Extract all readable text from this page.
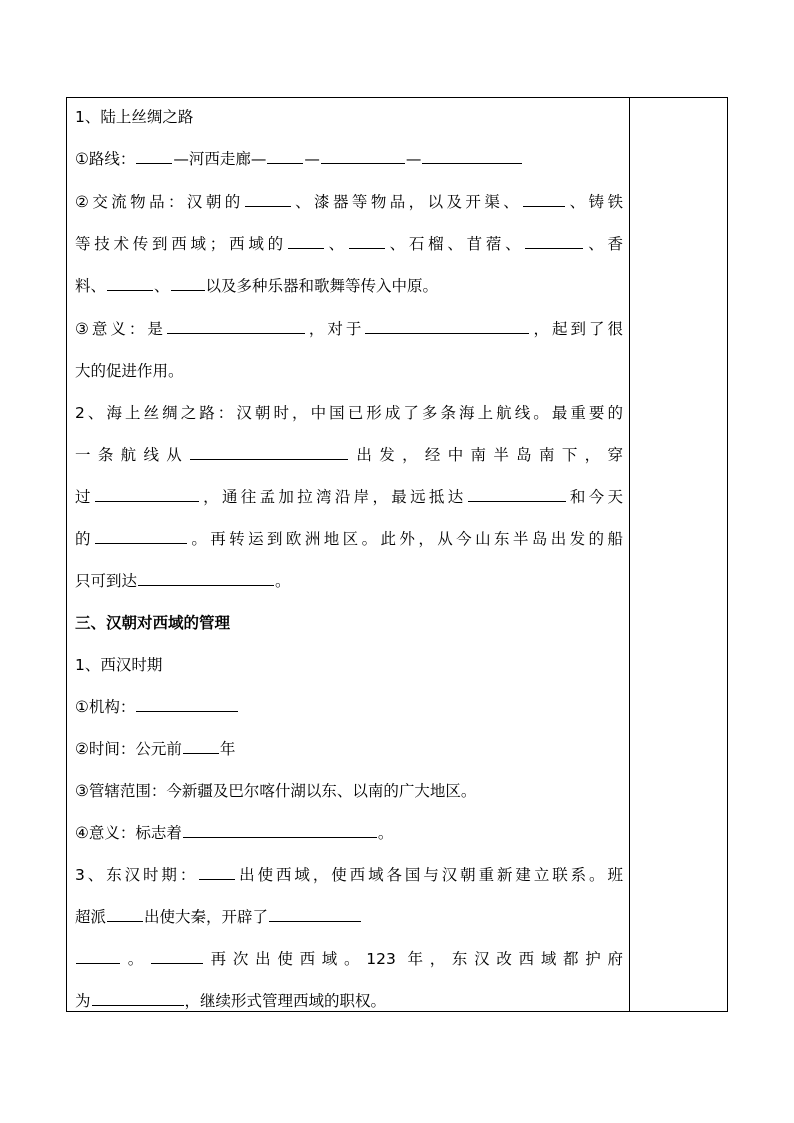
1、陆上丝绸之路
①路线： —河西走廊— —	—
②交流物品：汉朝的	、漆器等物品，以及开渠、	、铸铁
等技术传到西域；西域的 、 、石榴、苜蓿、	、香
料、	、 以及多种乐器和歌舞等传入中原。
③意义：是	，对于	，起到了很
大的促进作用。
2、海上丝绸之路：汉朝时，中国已形成了多条海上航线。最重要的
一条航线从	出发，经中南半岛南下，穿
过	，通往孟加拉湾沿岸，最远抵达	和今天
的	。再转运到欧洲地区。此外，从今山东半岛出发的船
只可到达	。
三、汉朝对西域的管理
1、西汉时期
①机构：
②时间：公元前 年
③管辖范围：今新疆及巴尔喀什湖以东、以南的广大地区。
④意义：标志着	。
3、东汉时期： 出使西域，使西域各国与汉朝重新建立联系。班
超派 出使大秦，开辟了
。	再次出使西域。123 年，东汉改西域都护府
为	，继续形式管理西域的职权。
